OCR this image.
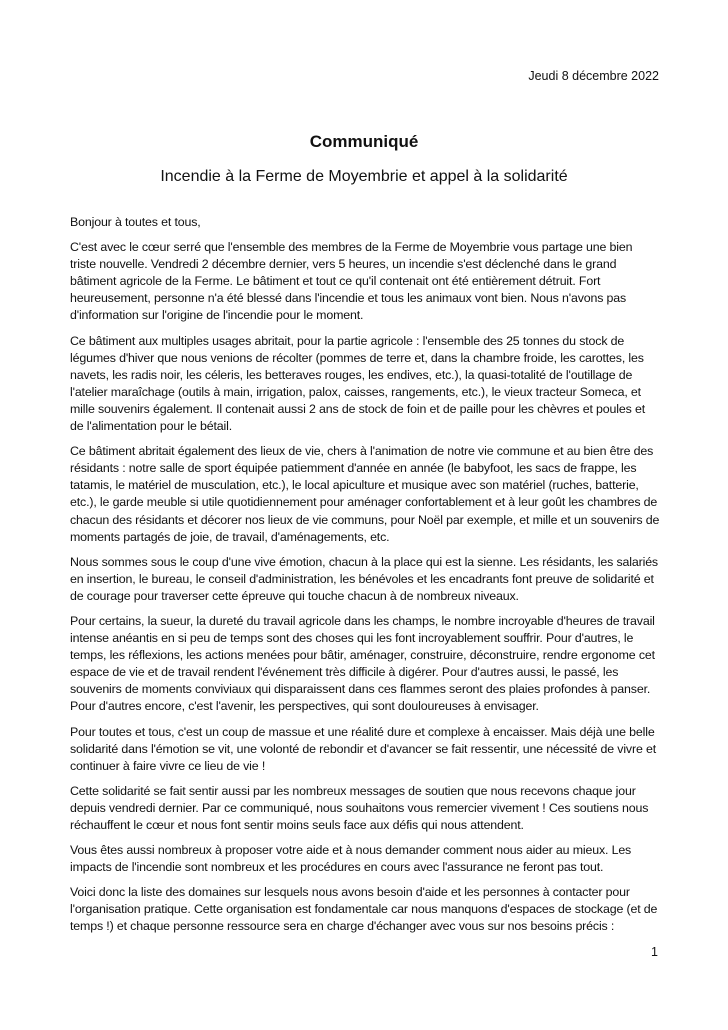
Jeudi 8 décembre 2022
Communiqué
Incendie à la Ferme de Moyembrie et appel à la solidarité

Bonjour à toutes et tous,

C'est avec le cœur serré que l'ensemble des membres de la Ferme de Moyembrie vous partage une bien triste nouvelle. Vendredi 2 décembre dernier, vers 5 heures, un incendie s'est déclenché dans le grand bâtiment agricole de la Ferme. Le bâtiment et tout ce qu'il contenait ont été entièrement détruit. Fort heureusement, personne n'a été blessé dans l'incendie et tous les animaux vont bien. Nous n'avons pas d'information sur l'origine de l'incendie pour le moment.

Ce bâtiment aux multiples usages abritait, pour la partie agricole : l'ensemble des 25 tonnes du stock de légumes d'hiver que nous venions de récolter (pommes de terre et, dans la chambre froide, les carottes, les navets, les radis noir, les céleris, les betteraves rouges, les endives, etc.), la quasi-totalité de l'outillage de l'atelier maraîchage (outils à main, irrigation, palox, caisses, rangements, etc.), le vieux tracteur Someca, et mille souvenirs également. Il contenait aussi 2 ans de stock de foin et de paille pour les chèvres et poules et de l'alimentation pour le bétail.

Ce bâtiment abritait également des lieux de vie, chers à l'animation de notre vie commune et au bien être des résidants : notre salle de sport équipée patiemment d'année en année (le babyfoot, les sacs de frappe, les tatamis, le matériel de musculation, etc.), le local apiculture et musique avec son matériel (ruches, batterie, etc.), le garde meuble si utile quotidiennement pour aménager confortablement et à leur goût les chambres de chacun des résidants et décorer nos lieux de vie communs, pour Noël par exemple, et mille et un souvenirs de moments partagés de joie, de travail, d'aménagements, etc.

Nous sommes sous le coup d'une vive émotion, chacun à la place qui est la sienne. Les résidants, les salariés en insertion, le bureau, le conseil d'administration, les bénévoles et les encadrants font preuve de solidarité et de courage pour traverser cette épreuve qui touche chacun à de nombreux niveaux.

Pour certains, la sueur, la dureté du travail agricole dans les champs, le nombre incroyable d'heures de travail intense anéantis en si peu de temps sont des choses qui les font incroyablement souffrir. Pour d'autres, le temps, les réflexions, les actions menées pour bâtir, aménager, construire, déconstruire, rendre ergonome cet espace de vie et de travail rendent l'événement très difficile à digérer. Pour d'autres aussi, le passé, les souvenirs de moments conviviaux qui disparaissent dans ces flammes seront des plaies profondes à panser. Pour d'autres encore, c'est l'avenir, les perspectives, qui sont douloureuses à envisager.

Pour toutes et tous, c'est un coup de massue et une réalité dure et complexe à encaisser. Mais déjà une belle solidarité dans l'émotion se vit, une volonté de rebondir et d'avancer se fait ressentir, une nécessité de vivre et continuer à faire vivre ce lieu de vie !

Cette solidarité se fait sentir aussi par les nombreux messages de soutien que nous recevons chaque jour depuis vendredi dernier. Par ce communiqué, nous souhaitons vous remercier vivement ! Ces soutiens nous réchauffent le cœur et nous font sentir moins seuls face aux défis qui nous attendent.

Vous êtes aussi nombreux à proposer votre aide et à nous demander comment nous aider au mieux. Les impacts de l'incendie sont nombreux et les procédures en cours avec l'assurance ne feront pas tout.

Voici donc la liste des domaines sur lesquels nous avons besoin d'aide et les personnes à contacter pour l'organisation pratique. Cette organisation est fondamentale car nous manquons d'espaces de stockage (et de temps !) et chaque personne ressource sera en charge d'échanger avec vous sur nos besoins précis :

1
